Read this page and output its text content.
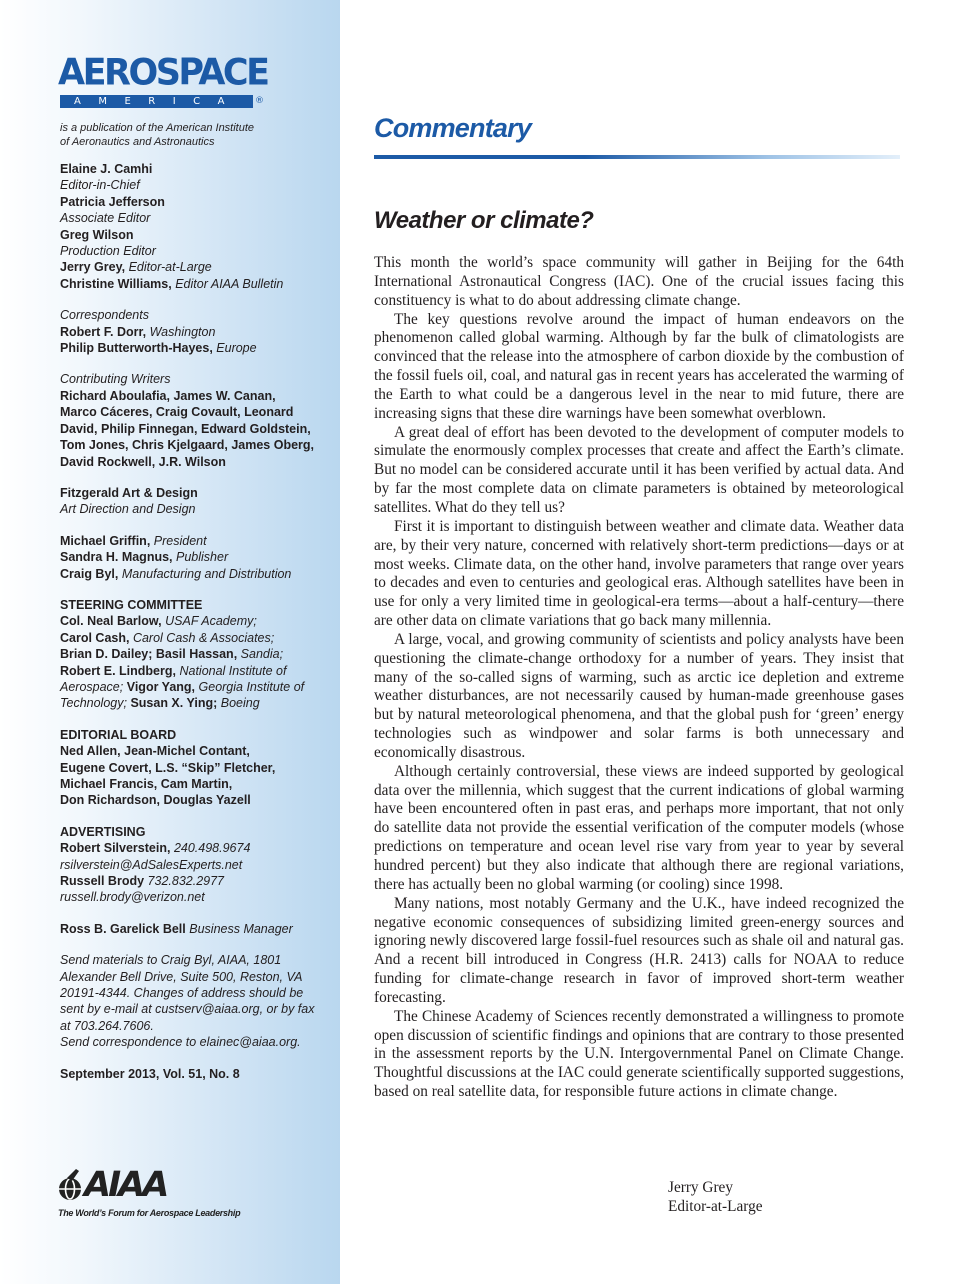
AEROSPACE
AMERICA	®
is a publication of the American Institute
of Aeronautics and Astronautics
Elaine J. Camhi
Editor-in-Chief
Patricia Jefferson
Associate Editor
Greg Wilson
Production Editor
Jerry Grey, Editor-at-Large
Christine Williams, Editor AIAA Bulletin
Correspondents
Robert F. Dorr, Washington
Philip Butterworth-Hayes, Europe
Contributing Writers
Richard Aboulafia, James W. Canan,
Marco Cáceres, Craig Covault, Leonard
David, Philip Finnegan, Edward Goldstein,
Tom Jones, Chris Kjelgaard, James Oberg,
David Rockwell, J.R. Wilson
Fitzgerald Art & Design
Art Direction and Design
Michael Griffin, President
Sandra H. Magnus, Publisher
Craig Byl, Manufacturing and Distribution
STEERING COMMITTEE
Col. Neal Barlow, USAF Academy;
Carol Cash, Carol Cash & Associates;
Brian D. Dailey; Basil Hassan, Sandia;
Robert E. Lindberg, National Institute of
Aerospace; Vigor Yang, Georgia Institute of
Technology; Susan X. Ying; Boeing
EDITORIAL BOARD
Ned Allen, Jean-Michel Contant,
Eugene Covert, L.S. “Skip” Fletcher,
Michael Francis, Cam Martin,
Don Richardson, Douglas Yazell
ADVERTISING
Robert Silverstein, 240.498.9674
rsilverstein@AdSalesExperts.net
Russell Brody 732.832.2977
russell.brody@verizon.net
Ross B. Garelick Bell Business Manager
Send materials to Craig Byl, AIAA, 1801
Alexander Bell Drive, Suite 500, Reston, VA
20191-4344. Changes of address should be
sent by e-mail at custserv@aiaa.org, or by fax
at 703.264.7606.
Send correspondence to elainec@aiaa.org.
September 2013, Vol. 51, No. 8
AIAA
The World’s Forum for Aerospace Leadership
Commentary
Weather or climate?

This month the world’s space community will gather in Beijing for the 64th International Astronautical Congress (IAC). One of the crucial issues facing this constituency is what to do about addressing climate change.

The key questions revolve around the impact of human endeavors on the phenomenon called global warming. Although by far the bulk of climatologists are convinced that the release into the atmosphere of carbon dioxide by the combustion of the fossil fuels oil, coal, and natural gas in recent years has accelerated the warming of the Earth to what could be a dangerous level in the near to mid future, there are increasing signs that these dire warnings have been somewhat overblown.

A great deal of effort has been devoted to the development of computer models to simulate the enormously complex processes that create and affect the Earth’s climate. But no model can be considered accurate until it has been verified by actual data. And by far the most complete data on climate parameters is obtained by meteorological satellites. What do they tell us?

First it is important to distinguish between weather and climate data. Weather data are, by their very nature, concerned with relatively short-term predictions—days or at most weeks. Climate data, on the other hand, involve parameters that range over years to decades and even to centuries and geological eras. Although satellites have been in use for only a very limited time in geological-era terms—about a half-century—there are other data on climate variations that go back many millennia.

A large, vocal, and growing community of scientists and policy analysts have been questioning the climate-change orthodoxy for a number of years. They insist that many of the so-called signs of warming, such as arctic ice depletion and extreme weather disturbances, are not necessarily caused by human-made greenhouse gases but by natural meteorological phenomena, and that the global push for ‘green’ energy technologies such as windpower and solar farms is both unnecessary and economically disastrous.

Although certainly controversial, these views are indeed supported by geological data over the millennia, which suggest that the current indications of global warming have been encountered often in past eras, and perhaps more important, that not only do satellite data not provide the essential verification of the computer models (whose predictions on temperature and ocean level rise vary from year to year by several hundred percent) but they also indicate that although there are regional variations, there has actually been no global warming (or cooling) since 1998.

Many nations, most notably Germany and the U.K., have indeed recognized the negative economic consequences of subsidizing limited green-energy sources and ignoring newly discovered large fossil-fuel resources such as shale oil and natural gas. And a recent bill introduced in Congress (H.R. 2413) calls for NOAA to reduce funding for climate-change research in favor of improved short-term weather forecasting.

The Chinese Academy of Sciences recently demonstrated a willingness to promote open discussion of scientific findings and opinions that are contrary to those presented in the assessment reports by the U.N. Intergovernmental Panel on Climate Change. Thoughtful discussions at the IAC could generate scientifically supported suggestions, based on real satellite data, for responsible future actions in climate change.

Jerry Grey
Editor-at-Large
